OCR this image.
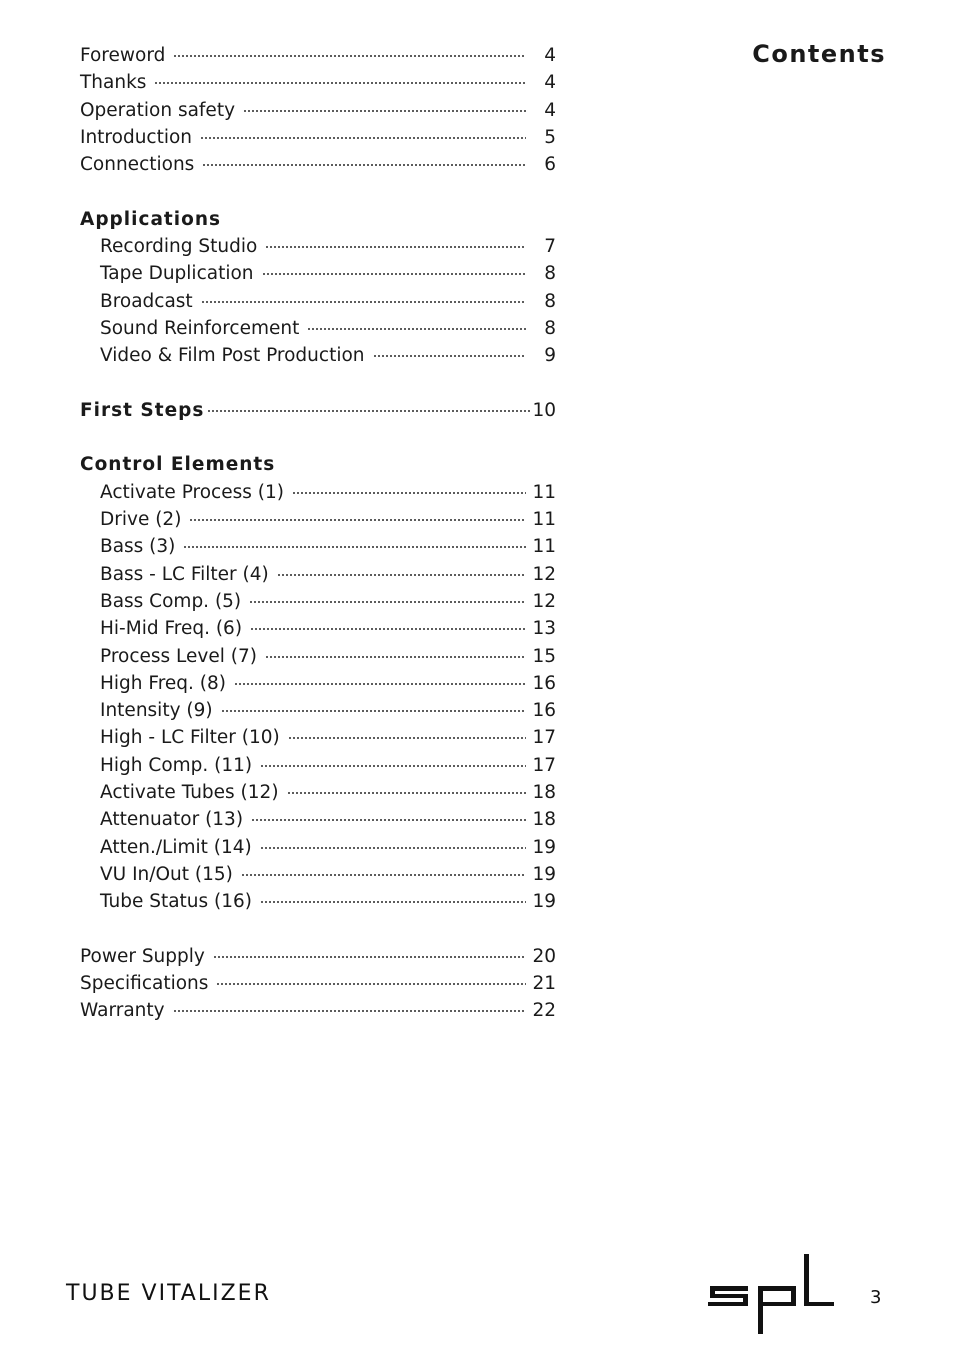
Contents
Foreword	4
Thanks	4
Operation safety	4
Introduction	5
Connections	6
Applications
Recording Studio	7
Tape Duplication	8
Broadcast	8
Sound Reinforcement	8
Video & Film Post Production	9
First Steps	10
Control Elements
Activate Process (1)	11
Drive (2)	11
Bass (3)	11
Bass - LC Filter (4)	12
Bass Comp. (5)	12
Hi-Mid Freq. (6)	13
Process Level (7)	15
High Freq. (8)	16
Intensity (9)	16
High - LC Filter (10)	17
High Comp. (11)	17
Activate Tubes (12)	18
Attenuator (13)	18
Atten./Limit (14)	19
VU In/Out (15)	19
Tube Status (16)	19
Power Supply	20
Specifications	21
Warranty	22
TUBE VITALIZER	3
